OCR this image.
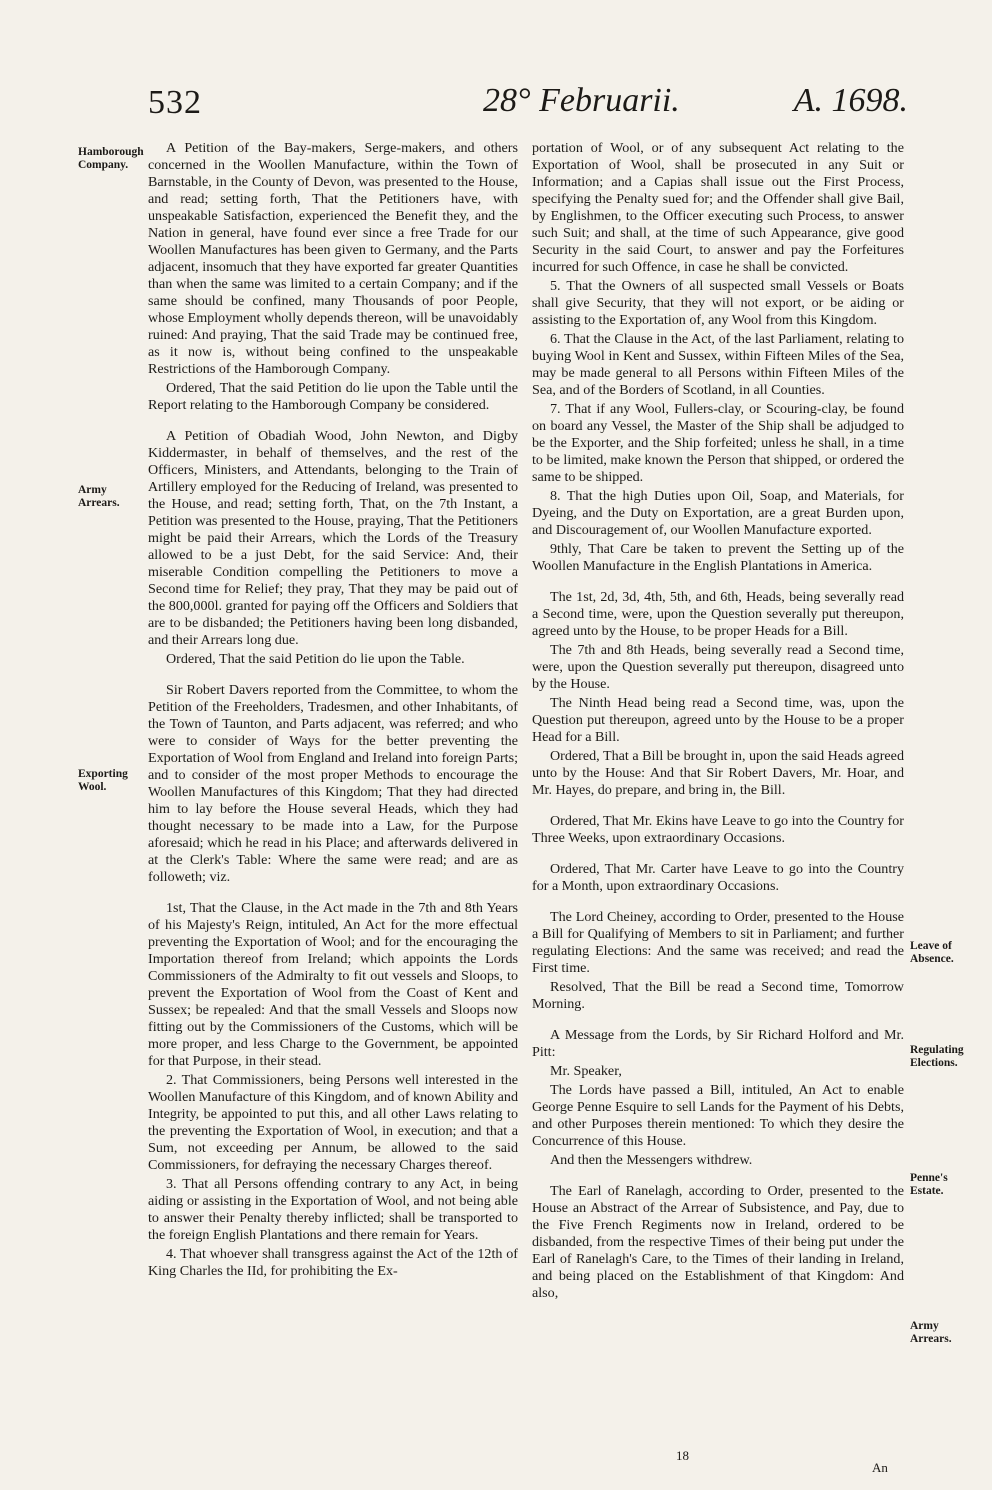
532	28° Februarii.	A. 1698.
Hamborough Company.
Army Arrears.
Exporting Wool.
Leave of Absence.
Regulating Elections.
Penne's Estate.
Army Arrears.

A Petition of the Bay-makers, Serge-makers, and others concerned in the Woollen Manufacture, within the Town of Barnstable, in the County of Devon, was presented to the House, and read; setting forth, That the Petitioners have, with unspeakable Satisfaction, experienced the Benefit they, and the Nation in general, have found ever since a free Trade for our Woollen Manufactures has been given to Germany, and the Parts adjacent, insomuch that they have exported far greater Quantities than when the same was limited to a certain Company; and if the same should be confined, many Thousands of poor People, whose Employment wholly depends thereon, will be unavoidably ruined: And praying, That the said Trade may be continued free, as it now is, without being confined to the unspeakable Restrictions of the Hamborough Company.

Ordered, That the said Petition do lie upon the Table until the Report relating to the Hamborough Company be considered.

A Petition of Obadiah Wood, John Newton, and Digby Kiddermaster, in behalf of themselves, and the rest of the Officers, Ministers, and Attendants, belonging to the Train of Artillery employed for the Reducing of Ireland, was presented to the House, and read; setting forth, That, on the 7th Instant, a Petition was presented to the House, praying, That the Petitioners might be paid their Arrears, which the Lords of the Treasury allowed to be a just Debt, for the said Service: And, their miserable Condition compelling the Petitioners to move a Second time for Relief; they pray, That they may be paid out of the 800,000l. granted for paying off the Officers and Soldiers that are to be disbanded; the Petitioners having been long disbanded, and their Arrears long due.

Ordered, That the said Petition do lie upon the Table.

Sir Robert Davers reported from the Committee, to whom the Petition of the Freeholders, Tradesmen, and other Inhabitants, of the Town of Taunton, and Parts adjacent, was referred; and who were to consider of Ways for the better preventing the Exportation of Wool from England and Ireland into foreign Parts; and to consider of the most proper Methods to encourage the Woollen Manufactures of this Kingdom; That they had directed him to lay before the House several Heads, which they had thought necessary to be made into a Law, for the Purpose aforesaid; which he read in his Place; and afterwards delivered in at the Clerk's Table: Where the same were read; and are as followeth; viz.

1st, That the Clause, in the Act made in the 7th and 8th Years of his Majesty's Reign, intituled, An Act for the more effectual preventing the Exportation of Wool; and for the encouraging the Importation thereof from Ireland; which appoints the Lords Commissioners of the Admiralty to fit out vessels and Sloops, to prevent the Exportation of Wool from the Coast of Kent and Sussex; be repealed: And that the small Vessels and Sloops now fitting out by the Commissioners of the Customs, which will be more proper, and less Charge to the Government, be appointed for that Purpose, in their stead.

2. That Commissioners, being Persons well interested in the Woollen Manufacture of this Kingdom, and of known Ability and Integrity, be appointed to put this, and all other Laws relating to the preventing the Exportation of Wool, in execution; and that a Sum, not exceeding per Annum, be allowed to the said Commissioners, for defraying the necessary Charges thereof.

3. That all Persons offending contrary to any Act, in being aiding or assisting in the Exportation of Wool, and not being able to answer their Penalty thereby inflicted; shall be transported to the foreign English Plantations and there remain for Years.

4. That whoever shall transgress against the Act of the 12th of King Charles the IId, for prohibiting the Ex-

portation of Wool, or of any subsequent Act relating to the Exportation of Wool, shall be prosecuted in any Suit or Information; and a Capias shall issue out the First Process, specifying the Penalty sued for; and the Offender shall give Bail, by Englishmen, to the Officer executing such Process, to answer such Suit; and shall, at the time of such Appearance, give good Security in the said Court, to answer and pay the Forfeitures incurred for such Offence, in case he shall be convicted.

5. That the Owners of all suspected small Vessels or Boats shall give Security, that they will not export, or be aiding or assisting to the Exportation of, any Wool from this Kingdom.

6. That the Clause in the Act, of the last Parliament, relating to buying Wool in Kent and Sussex, within Fifteen Miles of the Sea, may be made general to all Persons within Fifteen Miles of the Sea, and of the Borders of Scotland, in all Counties.

7. That if any Wool, Fullers-clay, or Scouring-clay, be found on board any Vessel, the Master of the Ship shall be adjudged to be the Exporter, and the Ship forfeited; unless he shall, in a time to be limited, make known the Person that shipped, or ordered the same to be shipped.

8. That the high Duties upon Oil, Soap, and Materials, for Dyeing, and the Duty on Exportation, are a great Burden upon, and Discouragement of, our Woollen Manufacture exported.

9thly, That Care be taken to prevent the Setting up of the Woollen Manufacture in the English Plantations in America.

The 1st, 2d, 3d, 4th, 5th, and 6th, Heads, being severally read a Second time, were, upon the Question severally put thereupon, agreed unto by the House, to be proper Heads for a Bill.

The 7th and 8th Heads, being severally read a Second time, were, upon the Question severally put thereupon, disagreed unto by the House.

The Ninth Head being read a Second time, was, upon the Question put thereupon, agreed unto by the House to be a proper Head for a Bill.

Ordered, That a Bill be brought in, upon the said Heads agreed unto by the House: And that Sir Robert Davers, Mr. Hoar, and Mr. Hayes, do prepare, and bring in, the Bill.

Ordered, That Mr. Ekins have Leave to go into the Country for Three Weeks, upon extraordinary Occasions.

Ordered, That Mr. Carter have Leave to go into the Country for a Month, upon extraordinary Occasions.

The Lord Cheiney, according to Order, presented to the House a Bill for Qualifying of Members to sit in Parliament; and further regulating Elections: And the same was received; and read the First time.

Resolved, That the Bill be read a Second time, Tomorrow Morning.

A Message from the Lords, by Sir Richard Holford and Mr. Pitt:

Mr. Speaker,

The Lords have passed a Bill, intituled, An Act to enable George Penne Esquire to sell Lands for the Payment of his Debts, and other Purposes therein mentioned: To which they desire the Concurrence of this House.

And then the Messengers withdrew.

The Earl of Ranelagh, according to Order, presented to the House an Abstract of the Arrear of Subsistence, and Pay, due to the Five French Regiments now in Ireland, ordered to be disbanded, from the respective Times of their being put under the Earl of Ranelagh's Care, to the Times of their landing in Ireland, and being placed on the Establishment of that Kingdom: And also,

18
An
